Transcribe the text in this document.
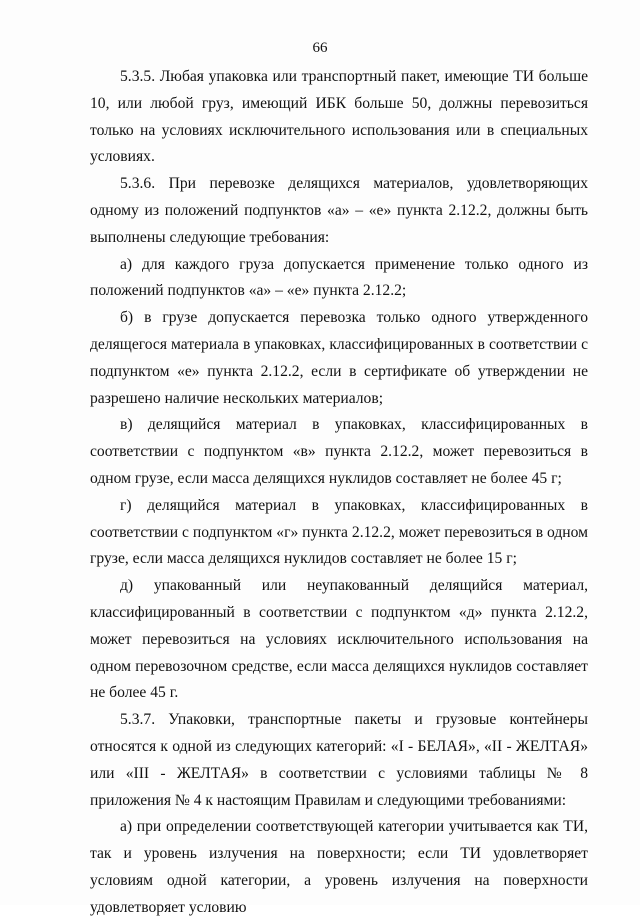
66

5.3.5. Любая упаковка или транспортный пакет, имеющие ТИ больше 10, или любой груз, имеющий ИБК больше 50, должны перевозиться только на условиях исключительного использования или в специальных условиях.

5.3.6. При перевозке делящихся материалов, удовлетворяющих одному из положений подпунктов «а» – «е» пункта 2.12.2, должны быть выполнены следующие требования:

а) для каждого груза допускается применение только одного из положений подпунктов «а» – «е» пункта 2.12.2;

б) в грузе допускается перевозка только одного утвержденного делящегося материала в упаковках, классифицированных в соответствии с подпунктом «е» пункта 2.12.2, если в сертификате об утверждении не разрешено наличие нескольких материалов;

в) делящийся материал в упаковках, классифицированных в соответствии с подпунктом «в» пункта 2.12.2, может перевозиться в одном грузе, если масса делящихся нуклидов составляет не более 45 г;

г) делящийся материал в упаковках, классифицированных в соответствии с подпунктом «г» пункта 2.12.2, может перевозиться в одном грузе, если масса делящихся нуклидов составляет не более 15 г;

д) упакованный или неупакованный делящийся материал, классифицированный в соответствии с подпунктом «д» пункта 2.12.2, может перевозиться на условиях исключительного использования на одном перевозочном средстве, если масса делящихся нуклидов составляет не более 45 г.

5.3.7. Упаковки, транспортные пакеты и грузовые контейнеры относятся к одной из следующих категорий: «I - БЕЛАЯ», «II - ЖЕЛТАЯ» или «III - ЖЕЛТАЯ» в соответствии с условиями таблицы № 8 приложения № 4 к настоящим Правилам и следующими требованиями:

а) при определении соответствующей категории учитывается как ТИ, так и уровень излучения на поверхности; если ТИ удовлетворяет условиям одной категории, а уровень излучения на поверхности удовлетворяет условию
